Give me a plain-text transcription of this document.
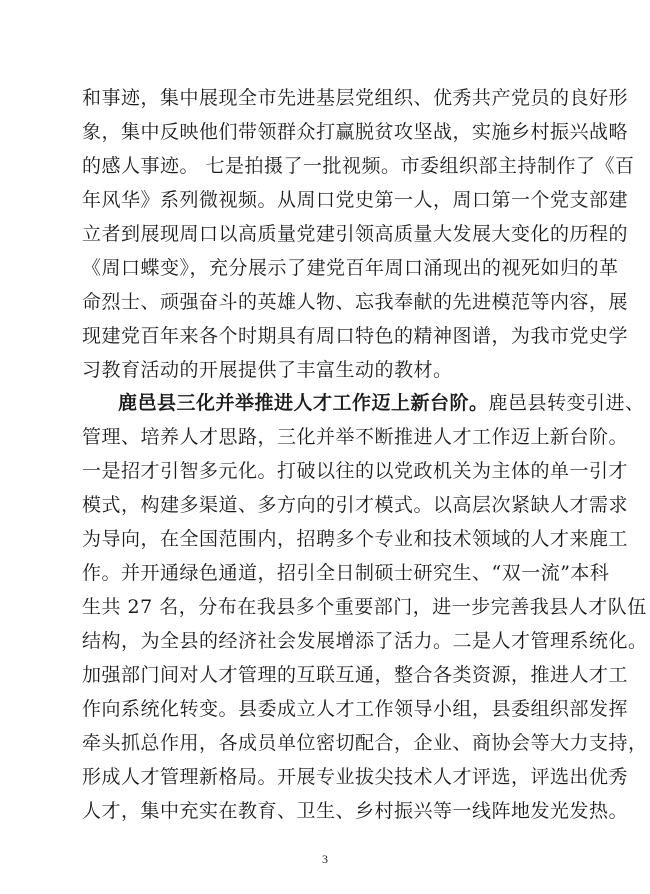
和事迹，集中展现全市先进基层党组织、优秀共产党员的良好形
象，集中反映他们带领群众打赢脱贫攻坚战，实施乡村振兴战略
的感人事迹。 七是拍摄了一批视频。市委组织部主持制作了《百
年风华》系列微视频。从周口党史第一人，周口第一个党支部建
立者到展现周口以高质量党建引领高质量大发展大变化的历程的
《周口蝶变》，充分展示了建党百年周口涌现出的视死如归的革
命烈士、顽强奋斗的英雄人物、忘我奉献的先进模范等内容，展
现建党百年来各个时期具有周口特色的精神图谱，为我市党史学
习教育活动的开展提供了丰富生动的教材。
鹿邑县三化并举推进人才工作迈上新台阶。鹿邑县转变引进、
管理、培养人才思路，三化并举不断推进人才工作迈上新台阶。
一是招才引智多元化。打破以往的以党政机关为主体的单一引才
模式，构建多渠道、多方向的引才模式。以高层次紧缺人才需求
为导向，在全国范围内，招聘多个专业和技术领域的人才来鹿工
作。并开通绿色通道，招引全日制硕士研究生、“双一流”本科
生共 27 名，分布在我县多个重要部门，进一步完善我县人才队伍
结构，为全县的经济社会发展增添了活力。二是人才管理系统化。
加强部门间对人才管理的互联互通，整合各类资源，推进人才工
作向系统化转变。县委成立人才工作领导小组，县委组织部发挥
牵头抓总作用，各成员单位密切配合，企业、商协会等大力支持，
形成人才管理新格局。开展专业拔尖技术人才评选，评选出优秀
人才，集中充实在教育、卫生、乡村振兴等一线阵地发光发热。
3
